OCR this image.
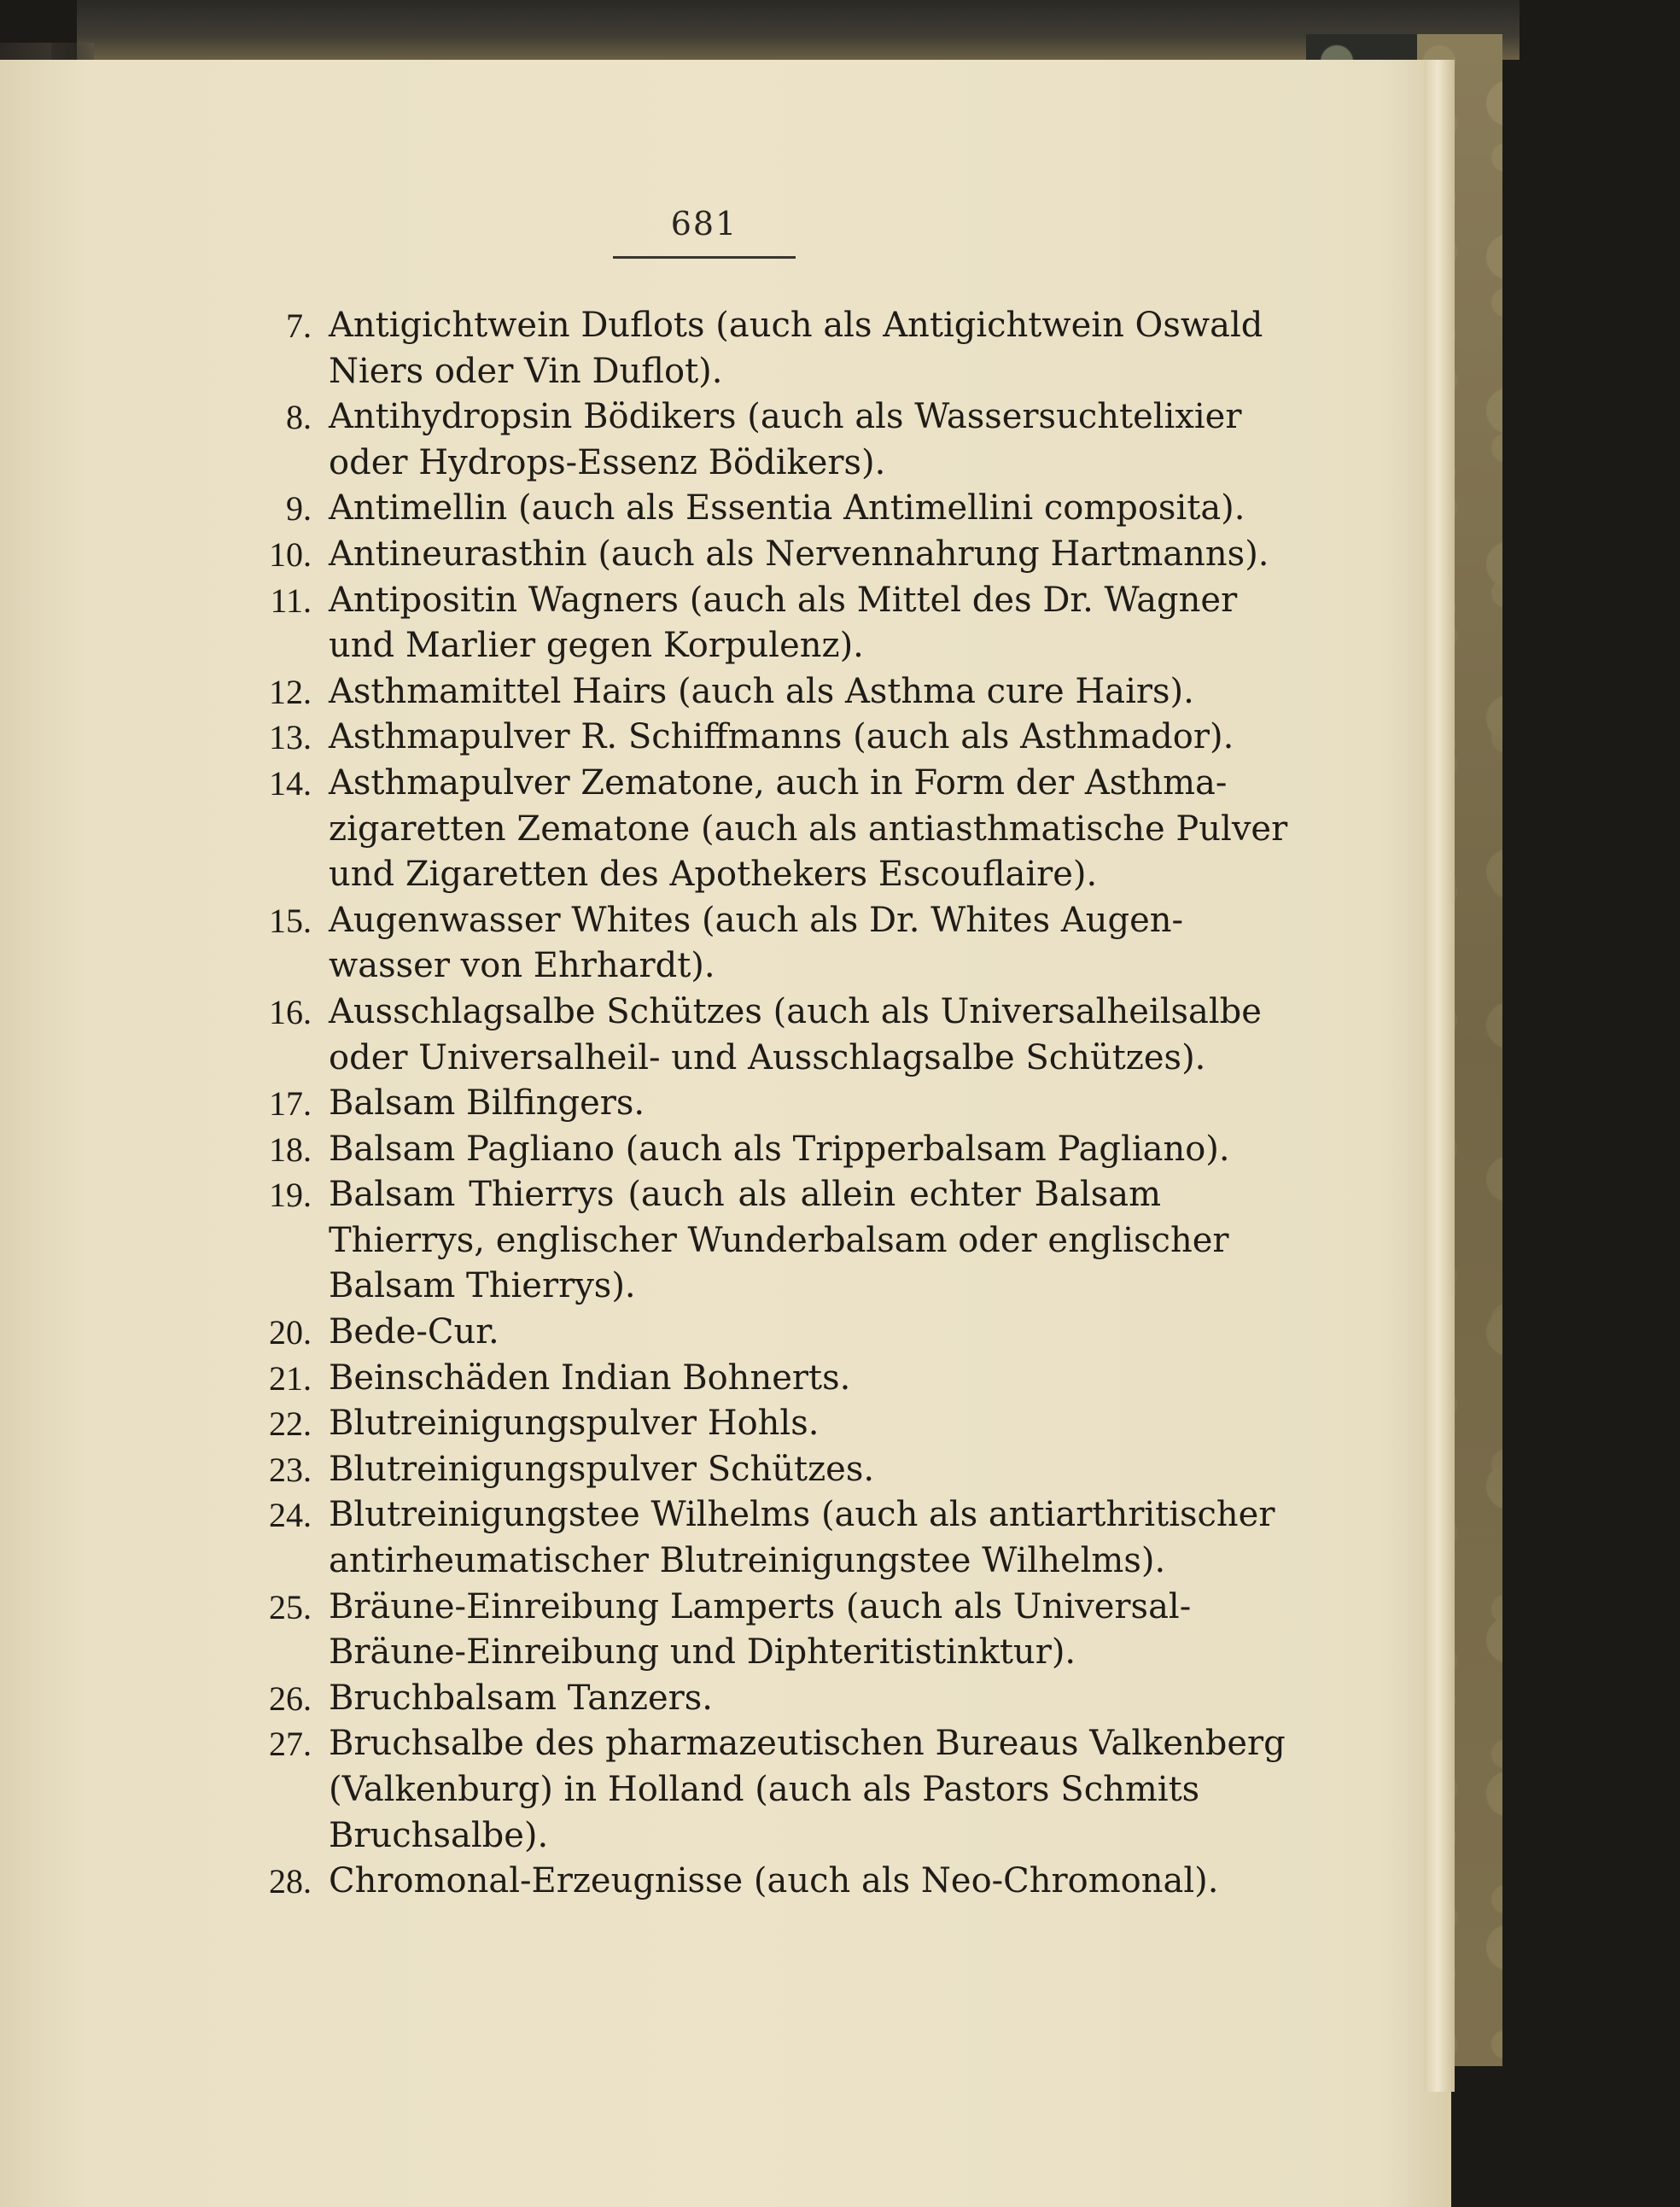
681
7. Antigichtwein Duflots (auch als Antigichtwein Oswald
Niers oder Vin Duflot).
8. Antihydropsin Bödikers (auch als Wassersuchtelixier
oder Hydrops-Essenz Bödikers).
9. Antimellin (auch als Essentia Antimellini composita).
10. Antineurasthin (auch als Nervennahrung Hartmanns).
11. Antipositin Wagners (auch als Mittel des Dr. Wagner
und Marlier gegen Korpulenz).
12. Asthmamittel Hairs (auch als Asthma cure Hairs).
13. Asthmapulver R. Schiffmanns (auch als Asthmador).
14. Asthmapulver Zematone, auch in Form der Asthma-
zigaretten Zematone (auch als antiasthmatische Pulver
und Zigaretten des Apothekers Escouflaire).
15. Augenwasser Whites (auch als Dr. Whites Augen-
wasser von Ehrhardt).
16. Ausschlagsalbe Schützes (auch als Universalheilsalbe
oder Universalheil- und Ausschlagsalbe Schützes).
17. Balsam Bilfingers.
18. Balsam Pagliano (auch als Tripperbalsam Pagliano).
19. Balsam Thierrys (auch als allein echter Balsam
Thierrys, englischer Wunderbalsam oder englischer
Balsam Thierrys).
20. Bede-Cur.
21. Beinschäden Indian Bohnerts.
22. Blutreinigungspulver Hohls.
23. Blutreinigungspulver Schützes.
24. Blutreinigungstee Wilhelms (auch als antiarthritischer
antirheumatischer Blutreinigungstee Wilhelms).
25. Bräune-Einreibung Lamperts (auch als Universal-
Bräune-Einreibung und Diphteritistinktur).
26. Bruchbalsam Tanzers.
27. Bruchsalbe des pharmazeutischen Bureaus Valkenberg
(Valkenburg) in Holland (auch als Pastors Schmits
Bruchsalbe).
28. Chromonal-Erzeugnisse (auch als Neo-Chromonal).
